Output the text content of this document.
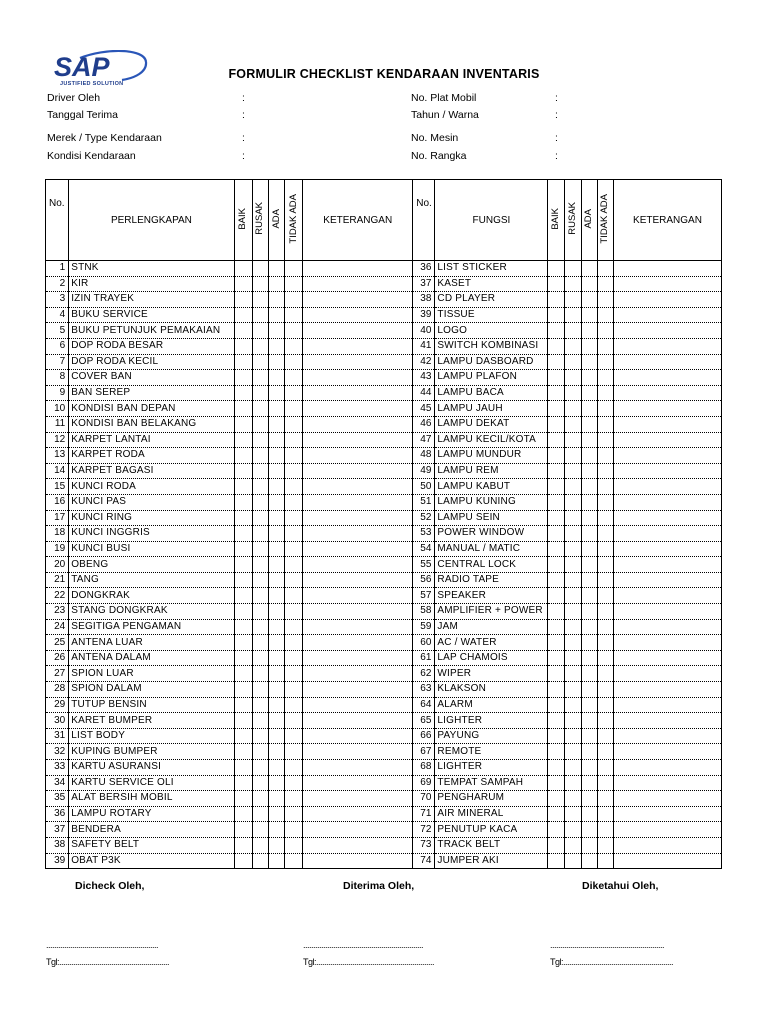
SAP
JUSTIFIED SOLUTION
FORMULIR CHECKLIST KENDARAAN INVENTARIS
Driver Oleh	:
Tanggal Terima	:
Merek / Type Kendaraan	:
Kondisi Kendaraan	:
No. Plat Mobil	:
Tahun / Warna	:
No. Mesin	:
No. Rangka	:
No.	PERLENGKAPAN	BAIK	RUSAK	ADA	TIDAK ADA	KETERANGAN	No.	FUNGSI	BAIK	RUSAK	ADA	TIDAK ADA	KETERANGAN
1	STNK						36	LIST STICKER					
2	KIR						37	KASET					
3	IZIN TRAYEK						38	CD PLAYER					
4	BUKU SERVICE						39	TISSUE					
5	BUKU PETUNJUK PEMAKAIAN						40	LOGO					
6	DOP RODA BESAR						41	SWITCH KOMBINASI					
7	DOP RODA KECIL						42	LAMPU DASBOARD					
8	COVER BAN						43	LAMPU PLAFON					
9	BAN SEREP						44	LAMPU BACA					
10	KONDISI BAN DEPAN						45	LAMPU JAUH					
11	KONDISI BAN BELAKANG						46	LAMPU DEKAT					
12	KARPET LANTAI						47	LAMPU KECIL/KOTA					
13	KARPET RODA						48	LAMPU MUNDUR					
14	KARPET BAGASI						49	LAMPU REM					
15	KUNCI RODA						50	LAMPU KABUT					
16	KUNCI PAS						51	LAMPU KUNING					
17	KUNCI RING						52	LAMPU SEIN					
18	KUNCI INGGRIS						53	POWER WINDOW					
19	KUNCI BUSI						54	MANUAL / MATIC					
20	OBENG						55	CENTRAL LOCK					
21	TANG						56	RADIO TAPE					
22	DONGKRAK						57	SPEAKER					
23	STANG DONGKRAK						58	AMPLIFIER + POWER					
24	SEGITIGA PENGAMAN						59	JAM					
25	ANTENA LUAR						60	AC / WATER					
26	ANTENA DALAM						61	LAP CHAMOIS					
27	SPION LUAR						62	WIPER					
28	SPION DALAM						63	KLAKSON					
29	TUTUP BENSIN						64	ALARM					
30	KARET BUMPER						65	LIGHTER					
31	LIST BODY						66	PAYUNG					
32	KUPING BUMPER						67	REMOTE					
33	KARTU ASURANSI						68	LIGHTER					
34	KARTU SERVICE OLI						69	TEMPAT SAMPAH					
35	ALAT BERSIH MOBIL						70	PENGHARUM					
36	LAMPU ROTARY						71	AIR MINERAL					
37	BENDERA						72	PENUTUP KACA					
38	SAFETY BELT						73	TRACK BELT					
39	OBAT P3K						74	JUMPER AKI					
Dicheck Oleh,	Diterima Oleh,	Diketahui Oleh,
........................................................	............................................................	.........................................................
Tgl:.......................................................	Tgl:...........................................................	Tgl:.......................................................
